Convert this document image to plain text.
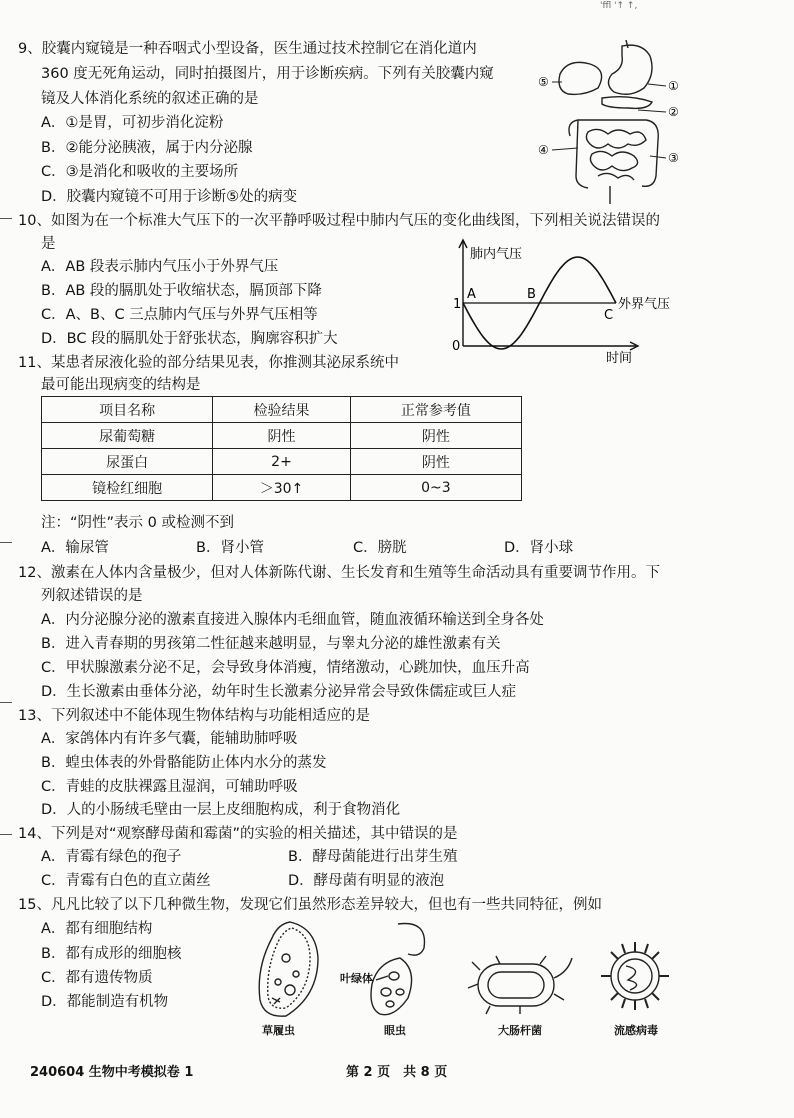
'ffl '↑ ↑,
9、胶囊内窥镜是一种吞咽式小型设备，医生通过技术控制它在消化道内
360 度无死角运动，同时拍摄图片，用于诊断疾病。下列有关胶囊内窥
镜及人体消化系统的叙述正确的是
A．①是胃，可初步消化淀粉
B．②能分泌胰液，属于内分泌腺
C．③是消化和吸收的主要场所
D．胶囊内窥镜不可用于诊断⑤处的病变
①
②
③
④
⑤
10、如图为在一个标准大气压下的一次平静呼吸过程中肺内气压的变化曲线图，下列相关说法错误的
是
A．AB 段表示肺内气压小于外界气压
B．AB 段的膈肌处于收缩状态，膈顶部下降
C．A、B、C 三点肺内气压与外界气压相等
D．BC 段的膈肌处于舒张状态，胸廓容积扩大
肺内气压
时间
0
1	外界气压
A	B
C
11、某患者尿液化验的部分结果见表，你推测其泌尿系统中
最可能出现病变的结构是
项目名称	检验结果	正常参考值
尿葡萄糖	阴性	阴性
尿蛋白	2+	阴性
镜检红细胞	＞30↑	0~3
注：“阴性”表示 0 或检测不到
A．输尿管	B．肾小管	C．膀胱	D．肾小球
12、激素在人体内含量极少，但对人体新陈代谢、生长发育和生殖等生命活动具有重要调节作用。下
列叙述错误的是
A．内分泌腺分泌的激素直接进入腺体内毛细血管，随血液循环输送到全身各处
B．进入青春期的男孩第二性征越来越明显，与睾丸分泌的雄性激素有关
C．甲状腺激素分泌不足，会导致身体消瘦，情绪激动，心跳加快，血压升高
D．生长激素由垂体分泌，幼年时生长激素分泌异常会导致侏儒症或巨人症
13、下列叙述中不能体现生物体结构与功能相适应的是
A．家鸽体内有许多气囊，能辅助肺呼吸
B．蝗虫体表的外骨骼能防止体内水分的蒸发
C．青蛙的皮肤裸露且湿润，可辅助呼吸
D．人的小肠绒毛壁由一层上皮细胞构成，利于食物消化
14、下列是对“观察酵母菌和霉菌”的实验的相关描述，其中错误的是
A．青霉有绿色的孢子	B．酵母菌能进行出芽生殖
C．青霉有白色的直立菌丝	D．酵母菌有明显的液泡
15、凡凡比较了以下几种微生物，发现它们虽然形态差异较大，但也有一些共同特征，例如
A．都有细胞结构
B．都有成形的细胞核
C．都有遗传物质
D．都能制造有机物
草履虫
叶绿体
眼虫	大肠杆菌	流感病毒
240604 生物中考模拟卷 1	第 2 页　共 8 页
